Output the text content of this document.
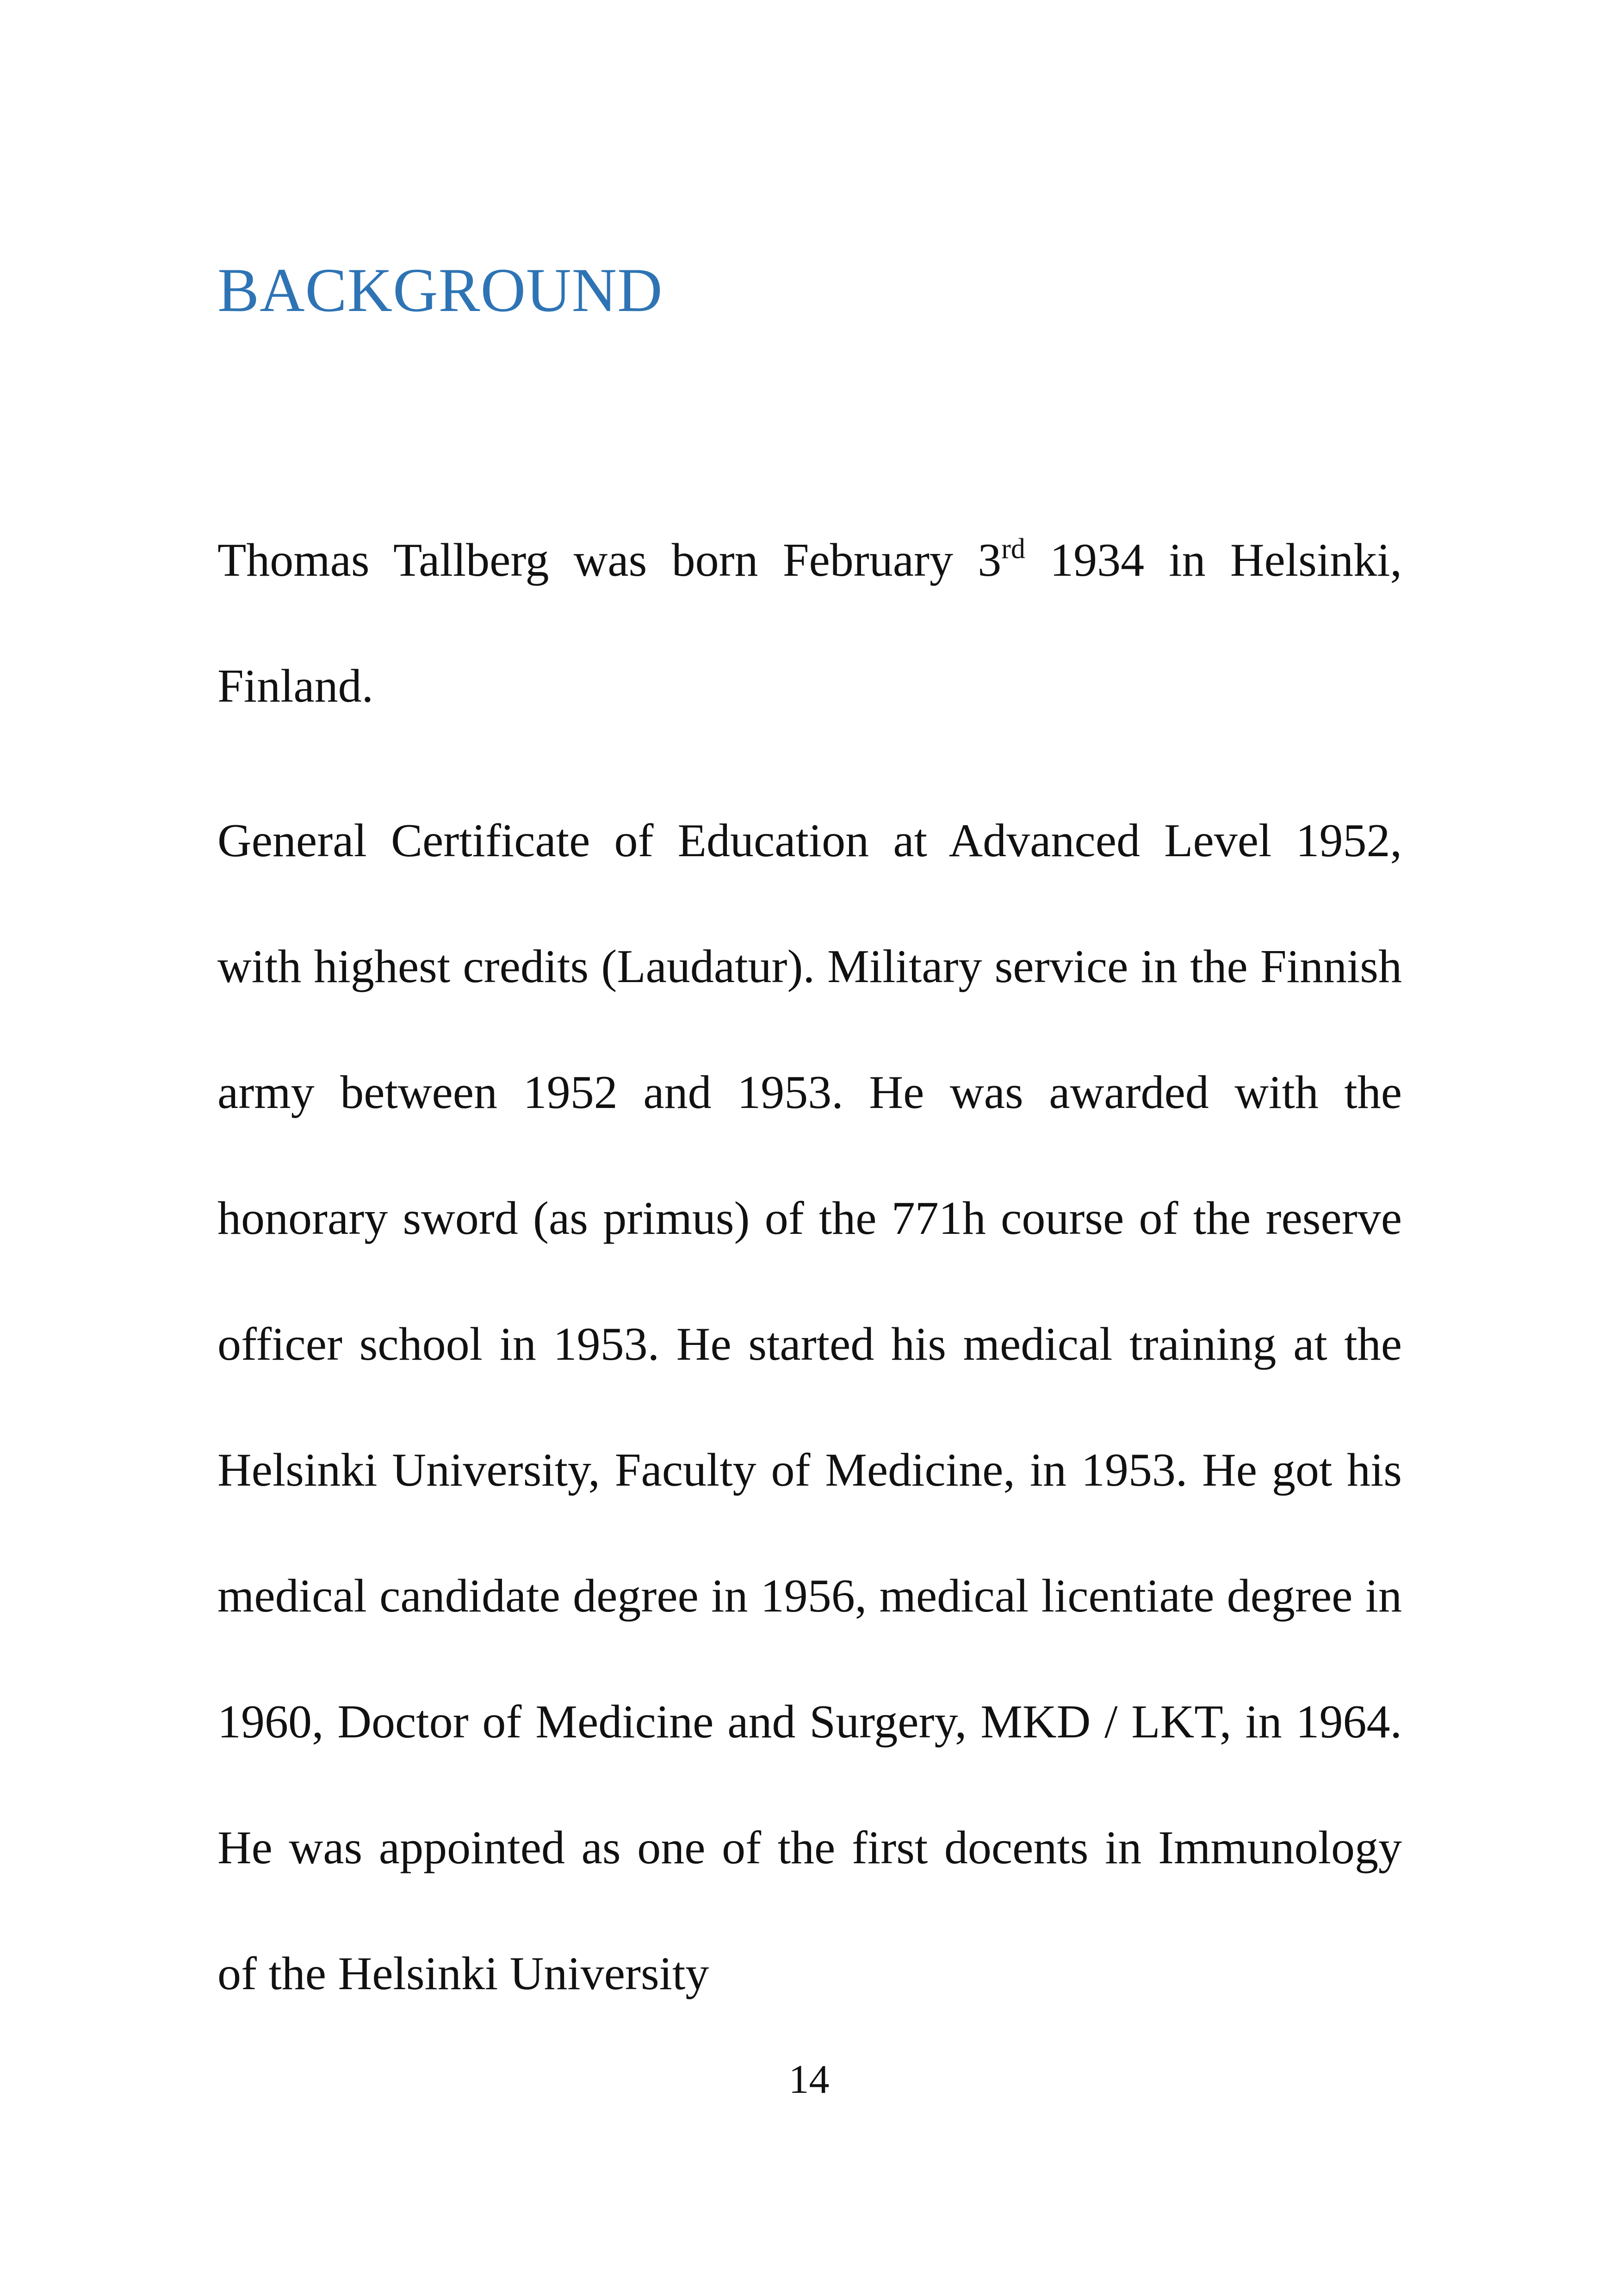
BACKGROUND

Thomas Tallberg was born February 3rd 1934 in Helsinki, Finland.

General Certificate of Education at Advanced Level 1952, with highest credits (Laudatur). Military service in the Finnish army between 1952 and 1953. He was awarded with the honorary sword (as primus) of the 771h course of the reserve officer school in 1953. He started his medical training at the Helsinki University, Faculty of Medicine, in 1953. He got his medical candidate degree in 1956, medical licentiate degree in 1960, Doctor of Medicine and Surgery, MKD / LKT, in 1964. He was appointed as one of the first docents in Immunology of the Helsinki University

14
